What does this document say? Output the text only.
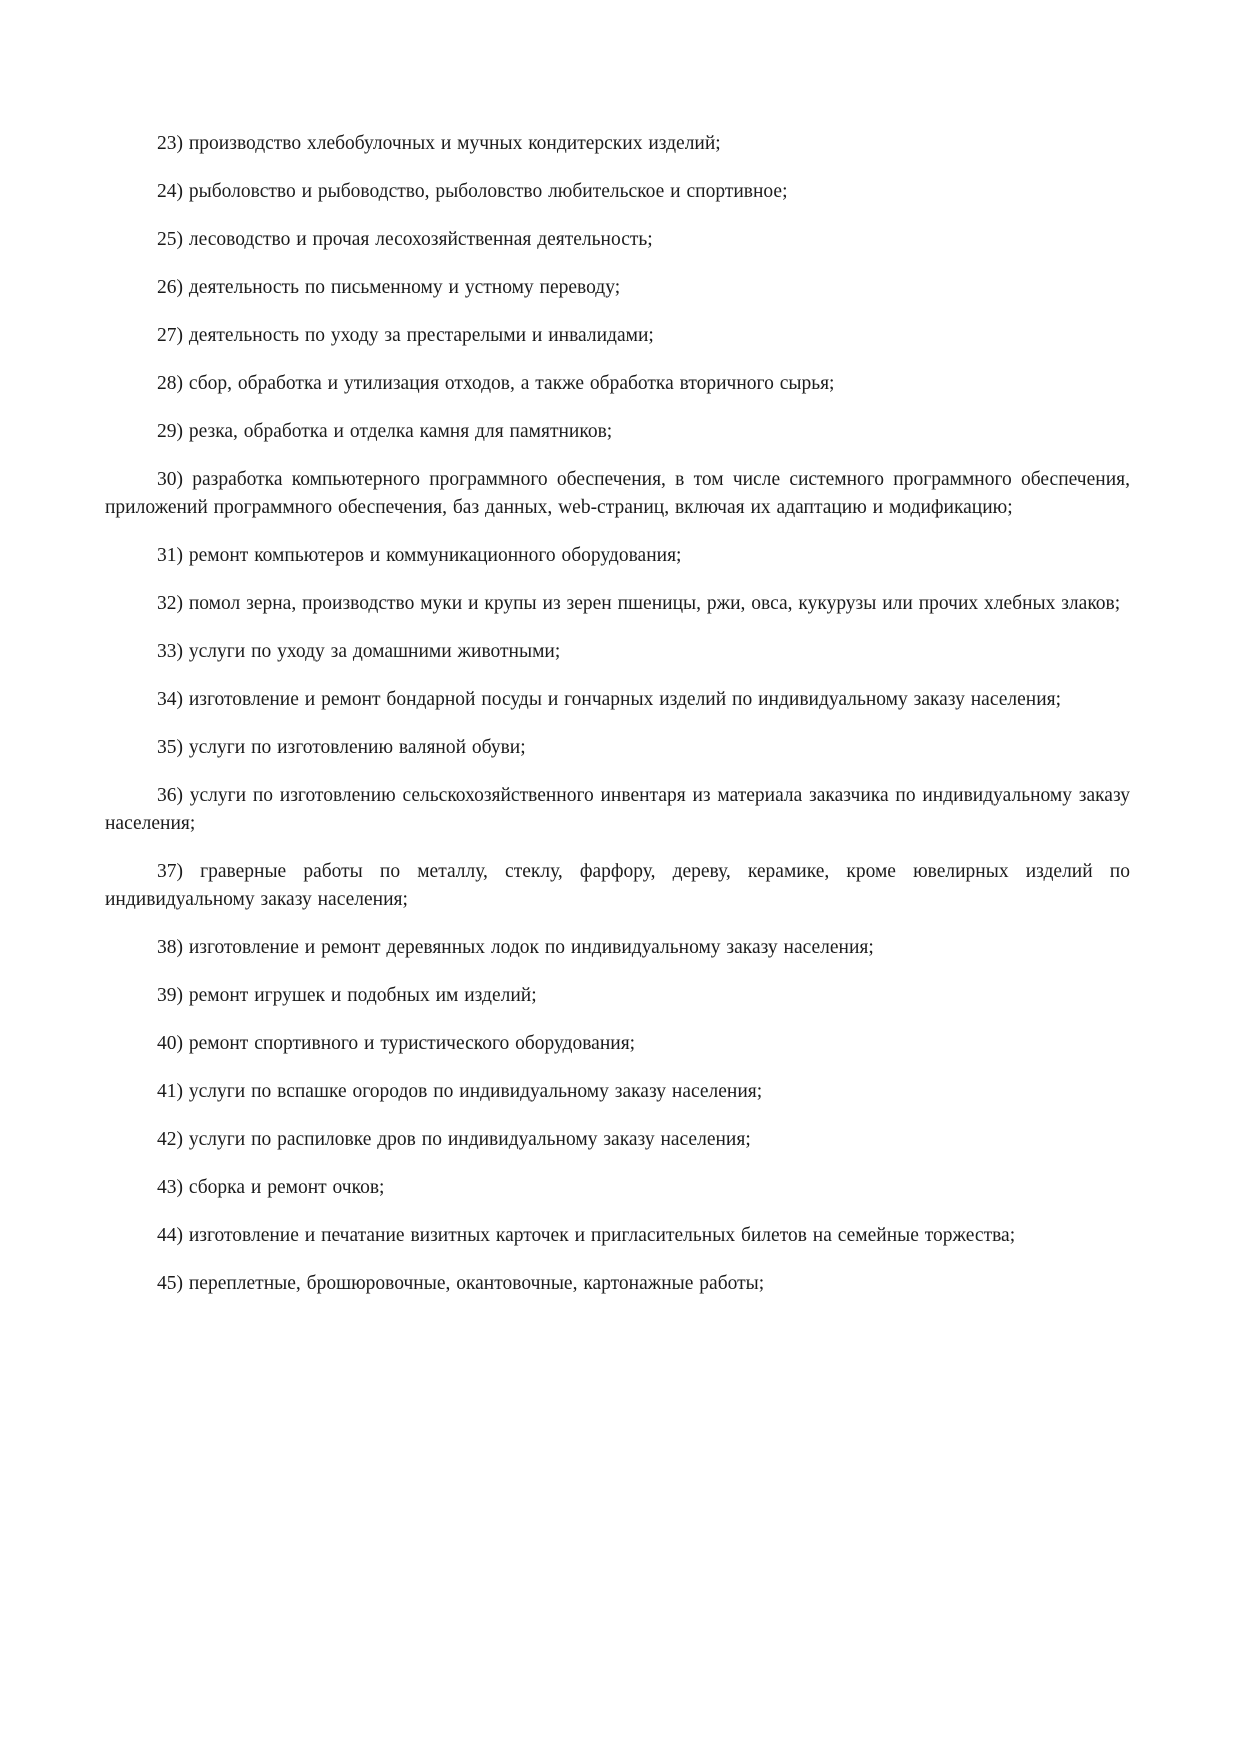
23) производство хлебобулочных и мучных кондитерских изделий;

24) рыболовство и рыбоводство, рыболовство любительское и спортивное;

25) лесоводство и прочая лесохозяйственная деятельность;

26) деятельность по письменному и устному переводу;

27) деятельность по уходу за престарелыми и инвалидами;

28) сбор, обработка и утилизация отходов, а также обработка вторичного сырья;

29) резка, обработка и отделка камня для памятников;

30) разработка компьютерного программного обеспечения, в том числе системного программного обеспечения, приложений программного обеспечения, баз данных, web-страниц, включая их адаптацию и модификацию;

31) ремонт компьютеров и коммуникационного оборудования;

32) помол зерна, производство муки и крупы из зерен пшеницы, ржи, овса, кукурузы или прочих хлебных злаков;

33) услуги по уходу за домашними животными;

34) изготовление и ремонт бондарной посуды и гончарных изделий по индивидуальному заказу населения;

35) услуги по изготовлению валяной обуви;

36) услуги по изготовлению сельскохозяйственного инвентаря из материала заказчика по индивидуальному заказу населения;

37) граверные работы по металлу, стеклу, фарфору, дереву, керамике, кроме ювелирных изделий по индивидуальному заказу населения;

38) изготовление и ремонт деревянных лодок по индивидуальному заказу населения;

39) ремонт игрушек и подобных им изделий;

40) ремонт спортивного и туристического оборудования;

41) услуги по вспашке огородов по индивидуальному заказу населения;

42) услуги по распиловке дров по индивидуальному заказу населения;

43) сборка и ремонт очков;

44) изготовление и печатание визитных карточек и пригласительных билетов на семейные торжества;

45) переплетные, брошюровочные, окантовочные, картонажные работы;
